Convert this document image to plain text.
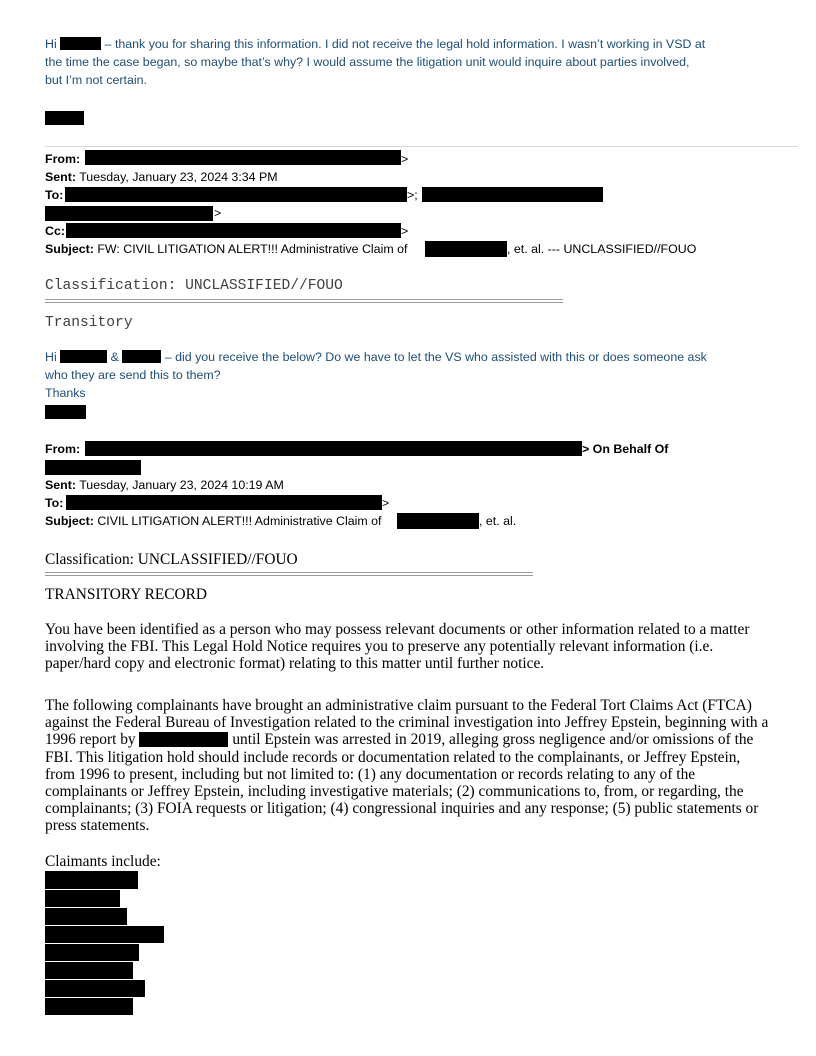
Hi	– thank you for sharing this information. I did not receive the legal hold information. I wasn’t working in VSD at
the time the case began, so maybe that’s why? I would assume the litigation unit would inquire about parties involved,
but I’m not certain.
From:	>
Sent: Tuesday, January 23, 2024 3:34 PM
To:	>;
>
Cc:	>
Subject: FW: CIVIL LITIGATION ALERT!!! Administrative Claim of	, et. al. --- UNCLASSIFIED//FOUO
Classification: UNCLASSIFIED//FOUO
Transitory
Hi	&	– did you receive the below? Do we have to let the VS who assisted with this or does someone ask
who they are send this to them?
Thanks
From:	> On Behalf Of
Sent: Tuesday, January 23, 2024 10:19 AM
To:	>
Subject: CIVIL LITIGATION ALERT!!! Administrative Claim of	, et. al.
Classification: UNCLASSIFIED//FOUO
TRANSITORY RECORD
You have been identified as a person who may possess relevant documents or other information related to a matter involving the FBI. This Legal Hold Notice requires you to preserve any potentially relevant information (i.e. paper/hard copy and electronic format) relating to this matter until further notice.
The following complainants have brought an administrative claim pursuant to the Federal Tort Claims Act (FTCA) against the Federal Bureau of Investigation related to the criminal investigation into Jeffrey Epstein, beginning with a 1996 report by	until Epstein was arrested in 2019, alleging gross negligence and/or omissions of the FBI. This litigation hold should include records or documentation related to the complainants, or Jeffrey Epstein, from 1996 to present, including but not limited to: (1) any documentation or records relating to any of the complainants or Jeffrey Epstein, including investigative materials; (2) communications to, from, or regarding, the complainants; (3) FOIA requests or litigation; (4) congressional inquiries and any response; (5) public statements or press statements.
Claimants include:
